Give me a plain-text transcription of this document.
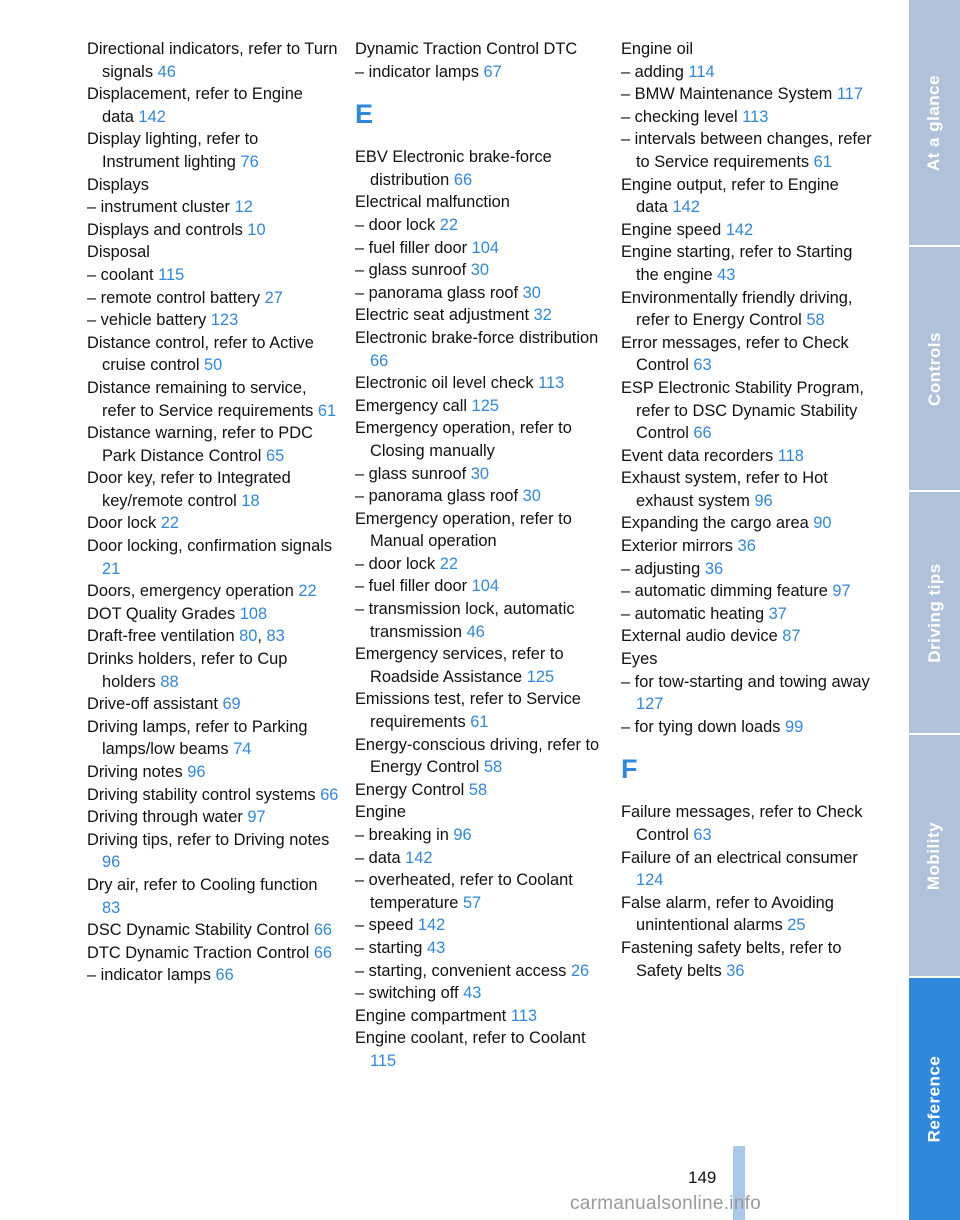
Directional indicators, refer to Turn signals 46
Displacement, refer to Engine data 142
Display lighting, refer to Instrument lighting 76
Displays
– instrument cluster 12
Displays and controls 10
Disposal
– coolant 115
– remote control battery 27
– vehicle battery 123
Distance control, refer to Active cruise control 50
Distance remaining to service, refer to Service requirements 61
Distance warning, refer to PDC Park Distance Control 65
Door key, refer to Integrated key/remote control 18
Door lock 22
Door locking, confirmation signals 21
Doors, emergency operation 22
DOT Quality Grades 108
Draft-free ventilation 80, 83
Drinks holders, refer to Cup holders 88
Drive-off assistant 69
Driving lamps, refer to Parking lamps/low beams 74
Driving notes 96
Driving stability control systems 66
Driving through water 97
Driving tips, refer to Driving notes 96
Dry air, refer to Cooling function 83
DSC Dynamic Stability Control 66
DTC Dynamic Traction Control 66
– indicator lamps 66
Dynamic Traction Control DTC
– indicator lamps 67
E
EBV Electronic brake-force distribution 66
Electrical malfunction
– door lock 22
– fuel filler door 104
– glass sunroof 30
– panorama glass roof 30
Electric seat adjustment 32
Electronic brake-force distribution 66
Electronic oil level check 113
Emergency call 125
Emergency operation, refer to Closing manually
– glass sunroof 30
– panorama glass roof 30
Emergency operation, refer to Manual operation
– door lock 22
– fuel filler door 104
– transmission lock, automatic transmission 46
Emergency services, refer to Roadside Assistance 125
Emissions test, refer to Service requirements 61
Energy-conscious driving, refer to Energy Control 58
Energy Control 58
Engine
– breaking in 96
– data 142
– overheated, refer to Coolant temperature 57
– speed 142
– starting 43
– starting, convenient access 26
– switching off 43
Engine compartment 113
Engine coolant, refer to Coolant 115
Engine oil
– adding 114
– BMW Maintenance System 117
– checking level 113
– intervals between changes, refer to Service requirements 61
Engine output, refer to Engine data 142
Engine speed 142
Engine starting, refer to Starting the engine 43
Environmentally friendly driving, refer to Energy Control 58
Error messages, refer to Check Control 63
ESP Electronic Stability Program, refer to DSC Dynamic Stability Control 66
Event data recorders 118
Exhaust system, refer to Hot exhaust system 96
Expanding the cargo area 90
Exterior mirrors 36
– adjusting 36
– automatic dimming feature 97
– automatic heating 37
External audio device 87
Eyes
– for tow-starting and towing away 127
– for tying down loads 99
F
Failure messages, refer to Check Control 63
Failure of an electrical consumer 124
False alarm, refer to Avoiding unintentional alarms 25
Fastening safety belts, refer to Safety belts 36
At a glance
Controls
Driving tips
Mobility
Reference
149
carmanualsonline.info
